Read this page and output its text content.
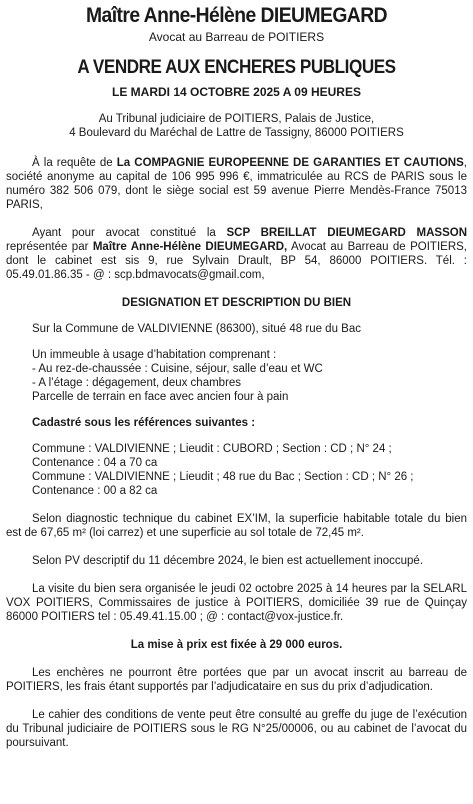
Maître Anne-Hélène DIEUMEGARD
Avocat au Barreau de POITIERS
A VENDRE AUX ENCHERES PUBLIQUES
LE MARDI 14 OCTOBRE 2025 A 09 HEURES
Au Tribunal judiciaire de POITIERS, Palais de Justice,
4 Boulevard du Maréchal de Lattre de Tassigny, 86000 POITIERS

À la requête de La COMPAGNIE EUROPEENNE DE GARANTIES ET CAUTIONS, société anonyme au capital de 106 995 996 €, immatriculée au RCS de PARIS sous le numéro 382 506 079, dont le siège social est 59 avenue Pierre Mendès-France 75013 PARIS,

Ayant pour avocat constitué la SCP BREILLAT DIEUMEGARD MASSON représentée par Maître Anne-Hélène DIEUMEGARD, Avocat au Barreau de POITIERS, dont le cabinet est sis 9, rue Sylvain Drault, BP 54, 86000 POITIERS. Tél. : 05.49.01.86.35 - @ : scp.bdmavocats@gmail.com,

DESIGNATION ET DESCRIPTION DU BIEN

Sur la Commune de VALDIVIENNE (86300), situé 48 rue du Bac

Un immeuble à usage d’habitation comprenant :
- Au rez-de-chaussée : Cuisine, séjour, salle d’eau et WC
- A l’étage : dégagement, deux chambres
Parcelle de terrain en face avec ancien four à pain

Cadastré sous les références suivantes :

Commune : VALDIVIENNE ; Lieudit : CUBORD ; Section : CD ; N° 24 ;
Contenance : 04 a 70 ca
Commune : VALDIVIENNE ; Lieudit ; 48 rue du Bac ; Section : CD ; N° 26 ;
Contenance : 00 a 82 ca

Selon diagnostic technique du cabinet EX’IM, la superficie habitable totale du bien est de 67,65 m² (loi carrez) et une superficie au sol totale de 72,45 m².

Selon PV descriptif du 11 décembre 2024, le bien est actuellement inoccupé.

La visite du bien sera organisée le jeudi 02 octobre 2025 à 14 heures par la SELARL VOX POITIERS, Commissaires de justice à POITIERS, domiciliée 39 rue de Quinçay 86000 POITIERS tel : 05.49.41.15.00 ; @ : contact@vox-justice.fr.

La mise à prix est fixée à 29 000 euros.

Les enchères ne pourront être portées que par un avocat inscrit au barreau de POITIERS, les frais étant supportés par l’adjudicataire en sus du prix d’adjudication.

Le cahier des conditions de vente peut être consulté au greffe du juge de l’exécution du Tribunal judiciaire de POITIERS sous le RG N°25/00006, ou au cabinet de l’avocat du poursuivant.
